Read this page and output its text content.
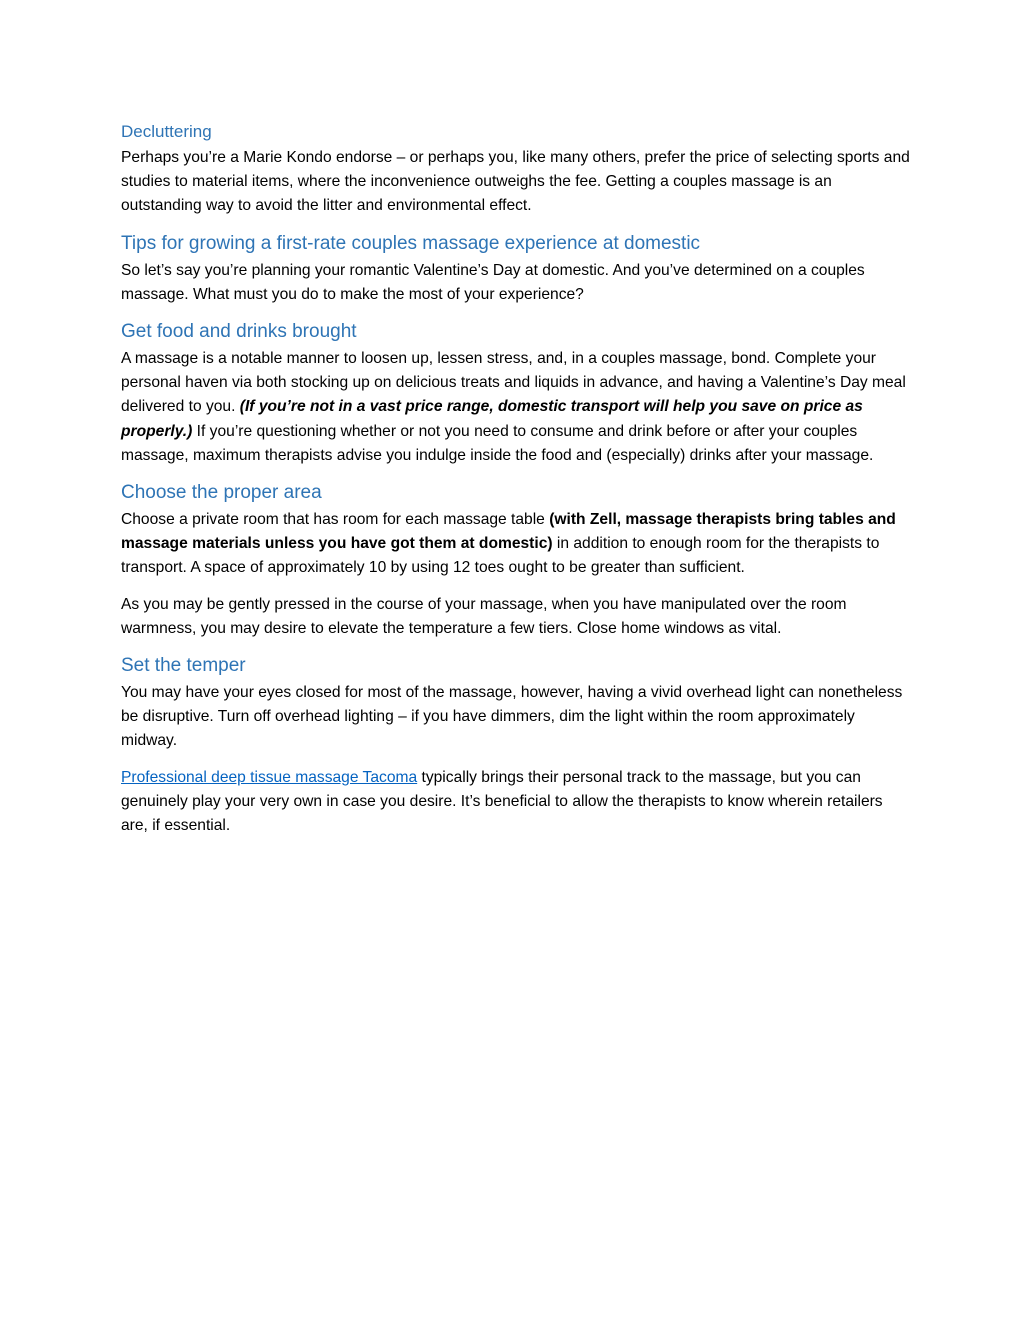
Decluttering

Perhaps you’re a Marie Kondo endorse – or perhaps you, like many others, prefer the price of selecting sports and studies to material items, where the inconvenience outweighs the fee. Getting a couples massage is an outstanding way to avoid the litter and environmental effect.

Tips for growing a first-rate couples massage experience at domestic

So let’s say you’re planning your romantic Valentine’s Day at domestic. And you’ve determined on a couples massage. What must you do to make the most of your experience?

Get food and drinks brought

A massage is a notable manner to loosen up, lessen stress, and, in a couples massage, bond. Complete your personal haven via both stocking up on delicious treats and liquids in advance, and having a Valentine’s Day meal delivered to you. (If you’re not in a vast price range, domestic transport will help you save on price as properly.) If you’re questioning whether or not you need to consume and drink before or after your couples massage, maximum therapists advise you indulge inside the food and (especially) drinks after your massage.

Choose the proper area

Choose a private room that has room for each massage table (with Zell, massage therapists bring tables and massage materials unless you have got them at domestic) in addition to enough room for the therapists to transport. A space of approximately 10 by using 12 toes ought to be greater than sufficient.

As you may be gently pressed in the course of your massage, when you have manipulated over the room warmness, you may desire to elevate the temperature a few tiers. Close home windows as vital.

Set the temper

You may have your eyes closed for most of the massage, however, having a vivid overhead light can nonetheless be disruptive. Turn off overhead lighting – if you have dimmers, dim the light within the room approximately midway.

Professional deep tissue massage Tacoma typically brings their personal track to the massage, but you can genuinely play your very own in case you desire. It’s beneficial to allow the therapists to know wherein retailers are, if essential.
